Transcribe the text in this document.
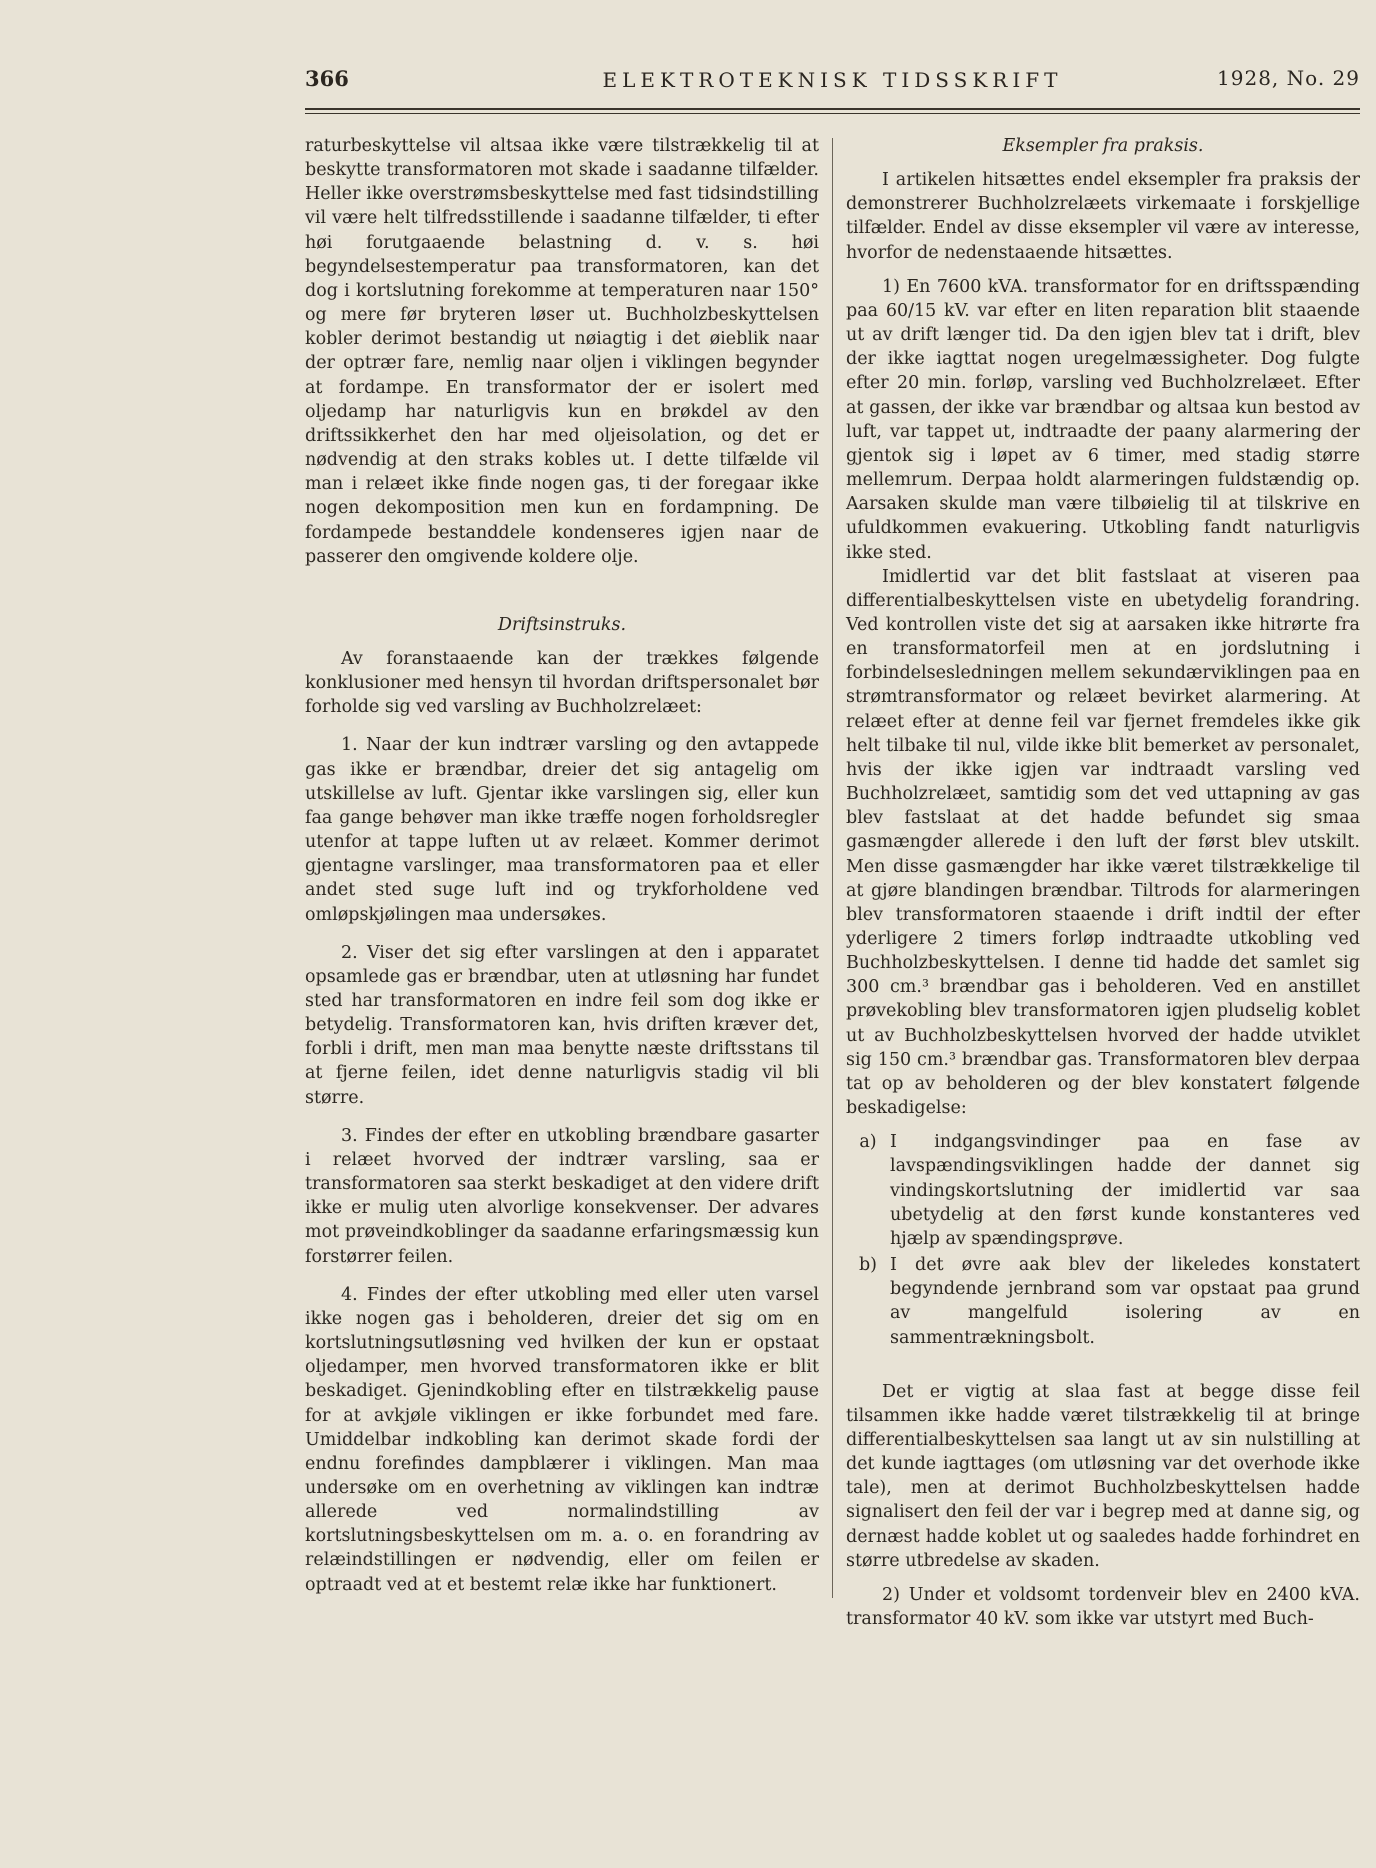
366	ELEKTROTEKNISK TIDSSKRIFT	1928, No. 29

raturbeskyttelse vil altsaa ikke være tilstrækkelig til at beskytte transformatoren mot skade i saadanne tilfælder. Heller ikke overstrømsbeskyttelse med fast tidsindstilling vil være helt tilfredsstillende i saadanne tilfælder, ti efter høi forutgaaende belastning d. v. s. høi begyndelsestemperatur paa transformatoren, kan det dog i kortslutning forekomme at temperaturen naar 150° og mere før bryteren løser ut. Buchholzbeskyttelsen kobler derimot bestandig ut nøiagtig i det øieblik naar der optrær fare, nemlig naar oljen i viklingen begynder at fordampe. En transformator der er isolert med oljedamp har naturligvis kun en brøkdel av den driftssikkerhet den har med oljeisolation, og det er nødvendig at den straks kobles ut. I dette tilfælde vil man i relæet ikke finde nogen gas, ti der foregaar ikke nogen dekomposition men kun en fordampning. De fordampede bestanddele kondenseres igjen naar de passerer den omgivende koldere olje.

Driftsinstruks.

Av foranstaaende kan der trækkes følgende konklusioner med hensyn til hvordan driftspersonalet bør forholde sig ved varsling av Buchholzrelæet:

1. Naar der kun indtrær varsling og den avtappede gas ikke er brændbar, dreier det sig antagelig om utskillelse av luft. Gjentar ikke varslingen sig, eller kun faa gange behøver man ikke træffe nogen forholdsregler utenfor at tappe luften ut av relæet. Kommer derimot gjentagne varslinger, maa transformatoren paa et eller andet sted suge luft ind og trykforholdene ved omløpskjølingen maa undersøkes.

2. Viser det sig efter varslingen at den i apparatet opsamlede gas er brændbar, uten at utløsning har fundet sted har transformatoren en indre feil som dog ikke er betydelig. Transformatoren kan, hvis driften kræver det, forbli i drift, men man maa benytte næste driftsstans til at fjerne feilen, idet denne naturligvis stadig vil bli større.

3. Findes der efter en utkobling brændbare gasarter i relæet hvorved der indtrær varsling, saa er transformatoren saa sterkt beskadiget at den videre drift ikke er mulig uten alvorlige konsekvenser. Der advares mot prøveindkoblinger da saadanne erfaringsmæssig kun forstørrer feilen.

4. Findes der efter utkobling med eller uten varsel ikke nogen gas i beholderen, dreier det sig om en kortslutningsutløsning ved hvilken der kun er opstaat oljedamper, men hvorved transformatoren ikke er blit beskadiget. Gjenindkobling efter en tilstrækkelig pause for at avkjøle viklingen er ikke forbundet med fare. Umiddelbar indkobling kan derimot skade fordi der endnu forefindes dampblærer i viklingen. Man maa undersøke om en overhetning av viklingen kan indtræ allerede ved normalindstilling av kortslutningsbeskyttelsen om m. a. o. en forandring av relæindstillingen er nødvendig, eller om feilen er optraadt ved at et bestemt relæ ikke har funktionert.

Eksempler fra praksis.

I artikelen hitsættes endel eksempler fra praksis der demonstrerer Buchholzrelæets virkemaate i forskjellige tilfælder. Endel av disse eksempler vil være av interesse, hvorfor de nedenstaaende hitsættes.

1) En 7600 kVA. transformator for en driftsspænding paa 60/15 kV. var efter en liten reparation blit staaende ut av drift længer tid. Da den igjen blev tat i drift, blev der ikke iagttat nogen uregelmæssigheter. Dog fulgte efter 20 min. forløp, varsling ved Buchholzrelæet. Efter at gassen, der ikke var brændbar og altsaa kun bestod av luft, var tappet ut, indtraadte der paany alarmering der gjentok sig i løpet av 6 timer, med stadig større mellemrum. Derpaa holdt alarmeringen fuldstændig op. Aarsaken skulde man være tilbøielig til at tilskrive en ufuldkommen evakuering. Utkobling fandt naturligvis ikke sted.

Imidlertid var det blit fastslaat at viseren paa differentialbeskyttelsen viste en ubetydelig forandring. Ved kontrollen viste det sig at aarsaken ikke hitrørte fra en transformatorfeil men at en jordslutning i forbindelsesledningen mellem sekundærviklingen paa en strømtransformator og relæet bevirket alarmering. At relæet efter at denne feil var fjernet fremdeles ikke gik helt tilbake til nul, vilde ikke blit bemerket av personalet, hvis der ikke igjen var indtraadt varsling ved Buchholzrelæet, samtidig som det ved uttapning av gas blev fastslaat at det hadde befundet sig smaa gasmængder allerede i den luft der først blev utskilt. Men disse gasmængder har ikke været tilstrækkelige til at gjøre blandingen brændbar. Tiltrods for alarmeringen blev transformatoren staaende i drift indtil der efter yderligere 2 timers forløp indtraadte utkobling ved Buchholzbeskyttelsen. I denne tid hadde det samlet sig 300 cm.³ brændbar gas i beholderen. Ved en anstillet prøvekobling blev transformatoren igjen pludselig koblet ut av Buchholzbeskyttelsen hvorved der hadde utviklet sig 150 cm.³ brændbar gas. Transformatoren blev derpaa tat op av beholderen og der blev konstatert følgende beskadigelse:

a) I indgangsvindinger paa en fase av lavspændingsviklingen hadde der dannet sig vindingskortslutning der imidlertid var saa ubetydelig at den først kunde konstanteres ved hjælp av spændingsprøve.
b) I det øvre aak blev der likeledes konstatert begyndende jernbrand som var opstaat paa grund av mangelfuld isolering av en sammentrækningsbolt.

Det er vigtig at slaa fast at begge disse feil tilsammen ikke hadde været tilstrækkelig til at bringe differentialbeskyttelsen saa langt ut av sin nulstilling at det kunde iagttages (om utløsning var det overhode ikke tale), men at derimot Buchholzbeskyttelsen hadde signalisert den feil der var i begrep med at danne sig, og dernæst hadde koblet ut og saaledes hadde forhindret en større utbredelse av skaden.

2) Under et voldsomt tordenveir blev en 2400 kVA. transformator 40 kV. som ikke var utstyrt med Buch-
